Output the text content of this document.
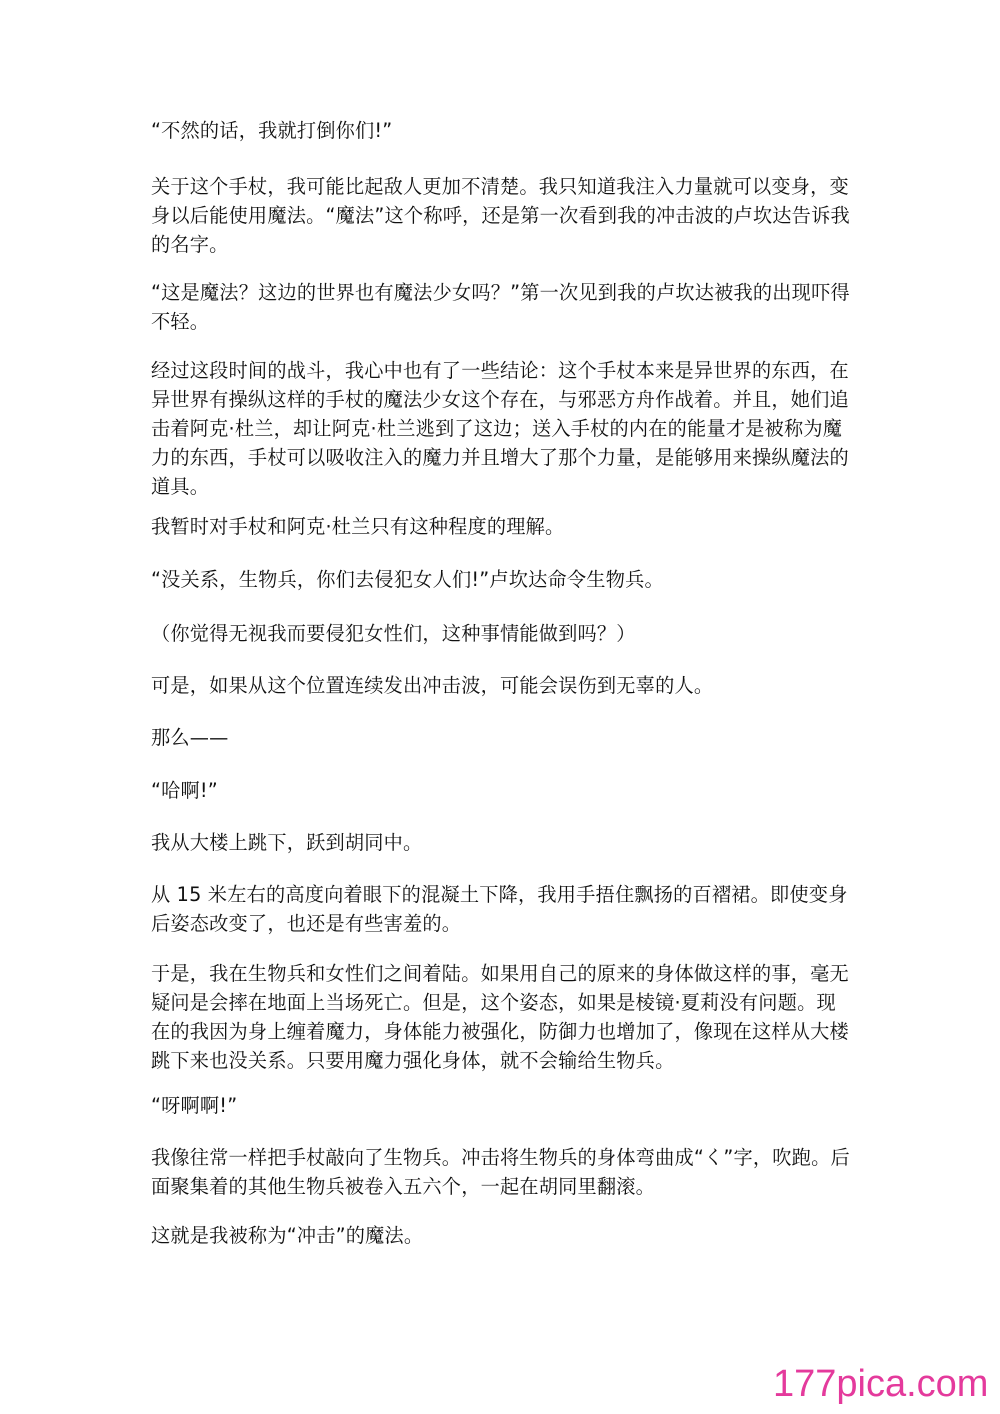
“不然的话，我就打倒你们!”

关于这个手杖，我可能比起敌人更加不清楚。我只知道我注入力量就可以变身，变身以后能使用魔法。“魔法”这个称呼，还是第一次看到我的冲击波的卢坎达告诉我的名字。

“这是魔法？这边的世界也有魔法少女吗？”第一次见到我的卢坎达被我的出现吓得不轻。

经过这段时间的战斗，我心中也有了一些结论：这个手杖本来是异世界的东西，在异世界有操纵这样的手杖的魔法少女这个存在，与邪恶方舟作战着。并且，她们追击着阿克·杜兰，却让阿克·杜兰逃到了这边；送入手杖的内在的能量才是被称为魔力的东西，手杖可以吸收注入的魔力并且增大了那个力量，是能够用来操纵魔法的道具。

我暂时对手杖和阿克·杜兰只有这种程度的理解。

“没关系，生物兵，你们去侵犯女人们!”卢坎达命令生物兵。

（你觉得无视我而要侵犯女性们，这种事情能做到吗？）

可是，如果从这个位置连续发出冲击波，可能会误伤到无辜的人。

那么——

“哈啊!”

我从大楼上跳下，跃到胡同中。

从 15 米左右的高度向着眼下的混凝土下降，我用手捂住飘扬的百褶裙。即使变身后姿态改变了，也还是有些害羞的。

于是，我在生物兵和女性们之间着陆。如果用自己的原来的身体做这样的事，毫无疑问是会摔在地面上当场死亡。但是，这个姿态，如果是棱镜·夏莉没有问题。现在的我因为身上缠着魔力，身体能力被强化，防御力也增加了，像现在这样从大楼跳下来也没关系。只要用魔力强化身体，就不会输给生物兵。

“呀啊啊!”

我像往常一样把手杖敲向了生物兵。冲击将生物兵的身体弯曲成“く”字，吹跑。后面聚集着的其他生物兵被卷入五六个，一起在胡同里翻滚。

这就是我被称为“冲击”的魔法。

177pica.com
